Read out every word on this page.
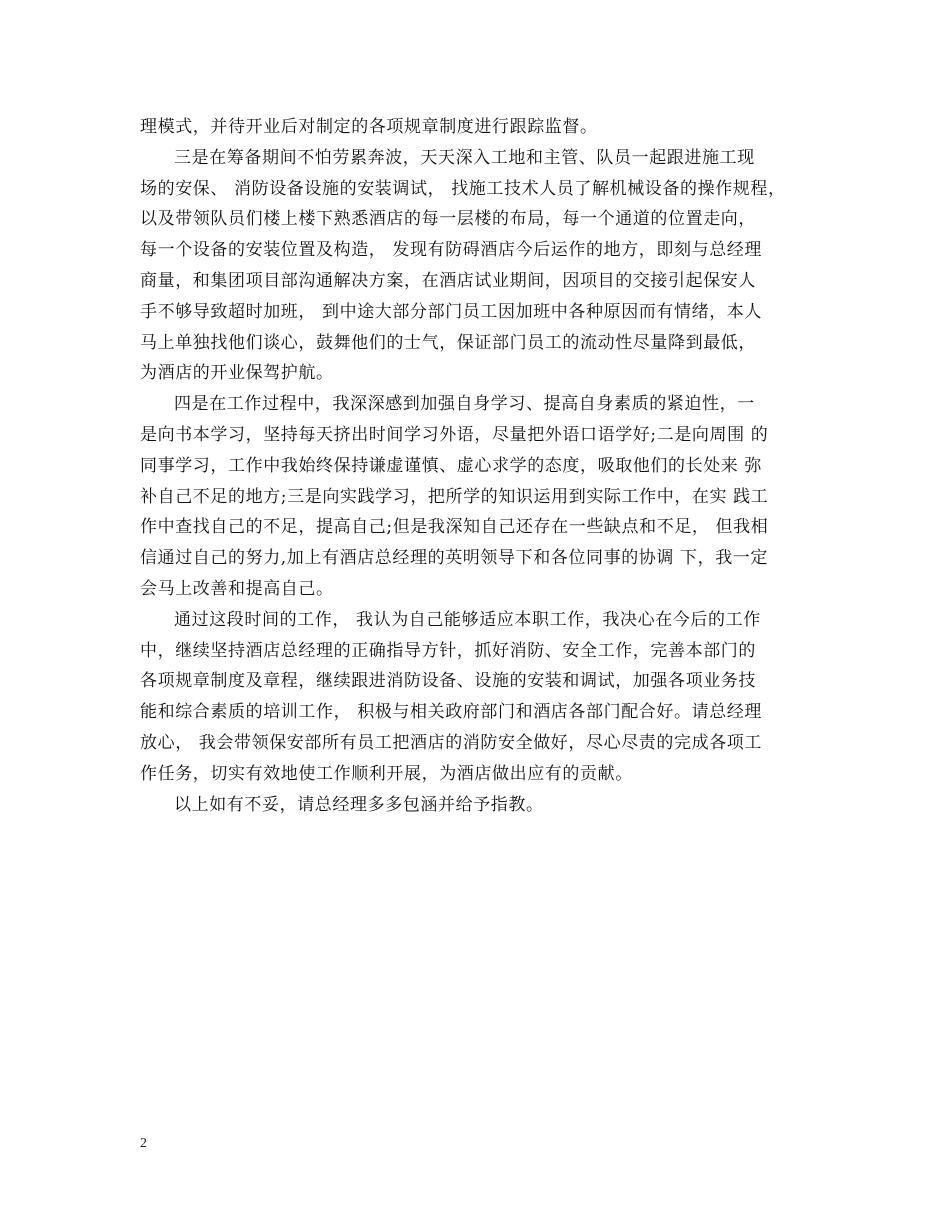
理模式，并待开业后对制定的各项规章制度进行跟踪监督。

三是在筹备期间不怕劳累奔波，天天深入工地和主管、队员一起跟进施工现
场的安保、 消防设备设施的安装调试， 找施工技术人员了解机械设备的操作规程，
以及带领队员们楼上楼下熟悉酒店的每一层楼的布局，每一个通道的位置走向，
每一个设备的安装位置及构造， 发现有防碍酒店今后运作的地方，即刻与总经理
商量，和集团项目部沟通解决方案，在酒店试业期间，因项目的交接引起保安人
手不够导致超时加班， 到中途大部分部门员工因加班中各种原因而有情绪，本人
马上单独找他们谈心，鼓舞他们的士气，保证部门员工的流动性尽量降到最低，
为酒店的开业保驾护航。

四是在工作过程中，我深深感到加强自身学习、提高自身素质的紧迫性，一
是向书本学习，坚持每天挤出时间学习外语，尽量把外语口语学好;二是向周围 的
同事学习，工作中我始终保持谦虚谨慎、虚心求学的态度，吸取他们的长处来 弥
补自己不足的地方;三是向实践学习，把所学的知识运用到实际工作中，在实 践工
作中查找自己的不足，提高自己;但是我深知自己还存在一些缺点和不足， 但我相
信通过自己的努力,加上有酒店总经理的英明领导下和各位同事的协调 下，我一定
会马上改善和提高自己。

通过这段时间的工作， 我认为自己能够适应本职工作，我决心在今后的工作
中，继续坚持酒店总经理的正确指导方针，抓好消防、安全工作，完善本部门的
各项规章制度及章程，继续跟进消防设备、设施的安装和调试，加强各项业务技
能和综合素质的培训工作， 积极与相关政府部门和酒店各部门配合好。请总经理
放心， 我会带领保安部所有员工把酒店的消防安全做好，尽心尽责的完成各项工
作任务，切实有效地使工作顺利开展，为酒店做出应有的贡献。

以上如有不妥，请总经理多多包涵并给予指教。

2
